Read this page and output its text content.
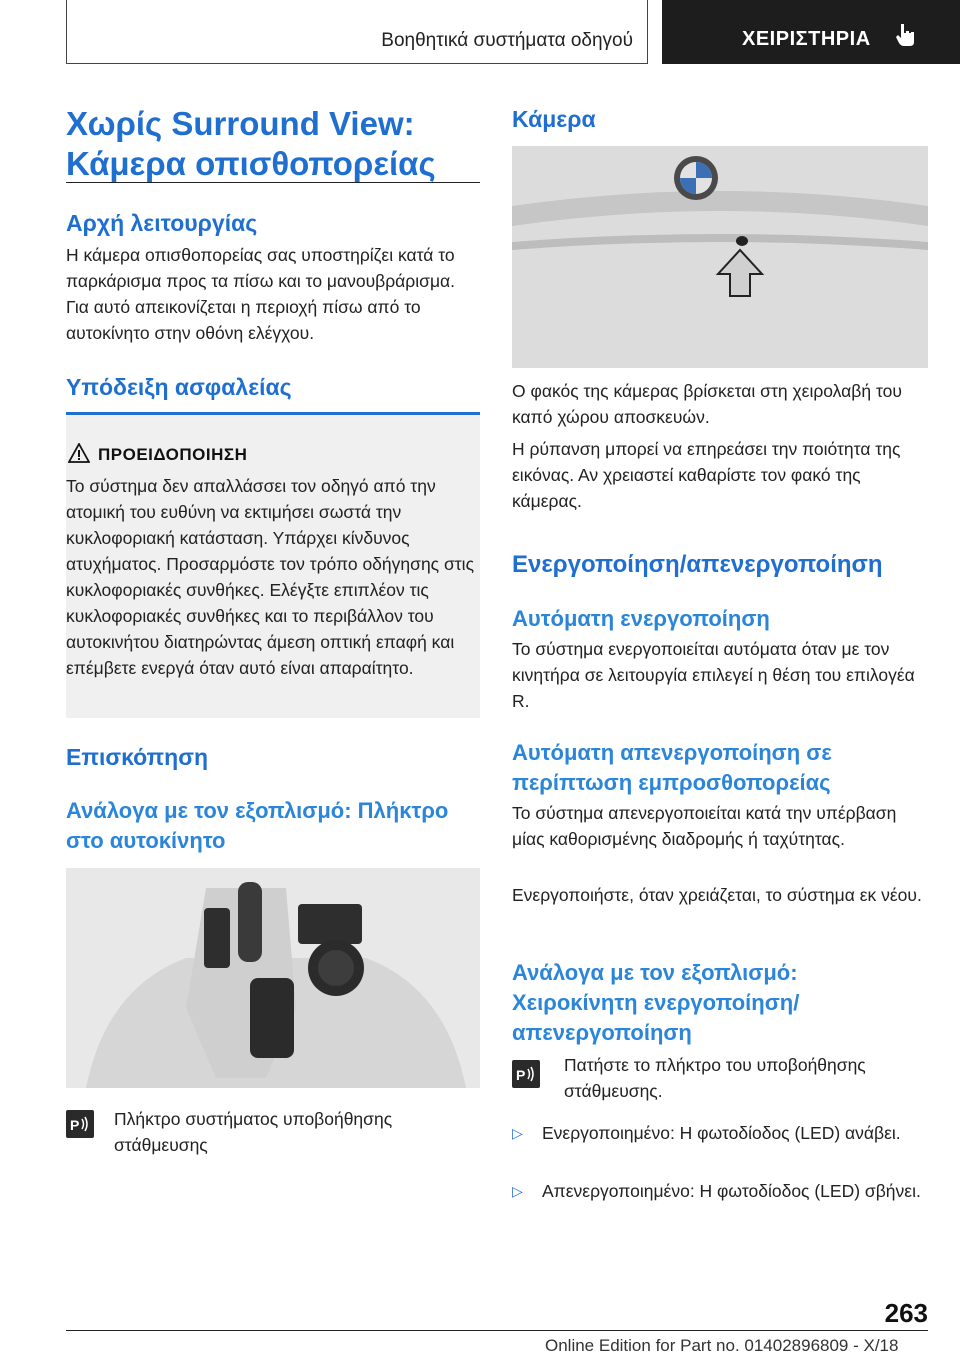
Βοηθητικά συστήματα οδηγού	ΧΕΙΡΙΣΤΗΡΙΑ
Χωρίς Surround View: Κάμερα οπισθοπορείας
Αρχή λειτουργίας

Η κάμερα οπισθοπορείας σας υποστηρίζει κατά το παρκάρισμα προς τα πίσω και το μανουβράρισμα. Για αυτό απεικονίζεται η περιοχή πίσω από το αυτοκίνητο στην οθόνη ελέγχου.

Υπόδειξη ασφαλείας
ΠΡΟΕΙΔΟΠΟΙΗΣΗ
Το σύστημα δεν απαλλάσσει τον οδηγό από την ατομική του ευθύνη να εκτιμήσει σωστά την κυκλοφοριακή κατάσταση. Υπάρχει κίνδυνος ατυχήματος. Προσαρμόστε τον τρόπο οδήγησης στις κυκλοφοριακές συνθήκες. Ελέγξτε επιπλέον τις κυκλοφοριακές συνθήκες και το περιβάλλον του αυτοκινήτου διατηρώντας άμεση οπτική επαφή και επέμβετε ενεργά όταν αυτό είναι απαραίτητο.
Επισκόπηση
Ανάλογα με τον εξοπλισμό: Πλήκτρο στο αυτοκίνητο
P Πλήκτρο συστήματος υποβοήθησης στάθμευσης

Κάμερα

Ο φακός της κάμερας βρίσκεται στη χειρολαβή του καπό χώρου αποσκευών.

Η ρύπανση μπορεί να επηρεάσει την ποιότητα της εικόνας. Αν χρειαστεί καθαρίστε τον φακό της κάμερας.

Ενεργοποίηση/απενεργοποίηση
Αυτόματη ενεργοποίηση

Το σύστημα ενεργοποιείται αυτόματα όταν με τον κινητήρα σε λειτουργία επιλεγεί η θέση του επιλογέα R.

Αυτόματη απενεργοποίηση σε περίπτωση εμπροσθοπορείας

Το σύστημα απενεργοποιείται κατά την υπέρβαση μίας καθορισμένης διαδρομής ή ταχύτητας.

Ενεργοποιήστε, όταν χρειάζεται, το σύστημα εκ νέου.

Ανάλογα με τον εξοπλισμό: Χειροκίνητη ενεργοποίηση/ απενεργοποίηση
P Πατήστε το πλήκτρο του υποβοήθησης στάθμευσης.

▷ Ενεργοποιημένο: Η φωτοδίοδος (LED) ανάβει.
▷ Απενεργοποιημένο: Η φωτοδίοδος (LED) σβήνει.
263
Online Edition for Part no. 01402896809 - X/18
